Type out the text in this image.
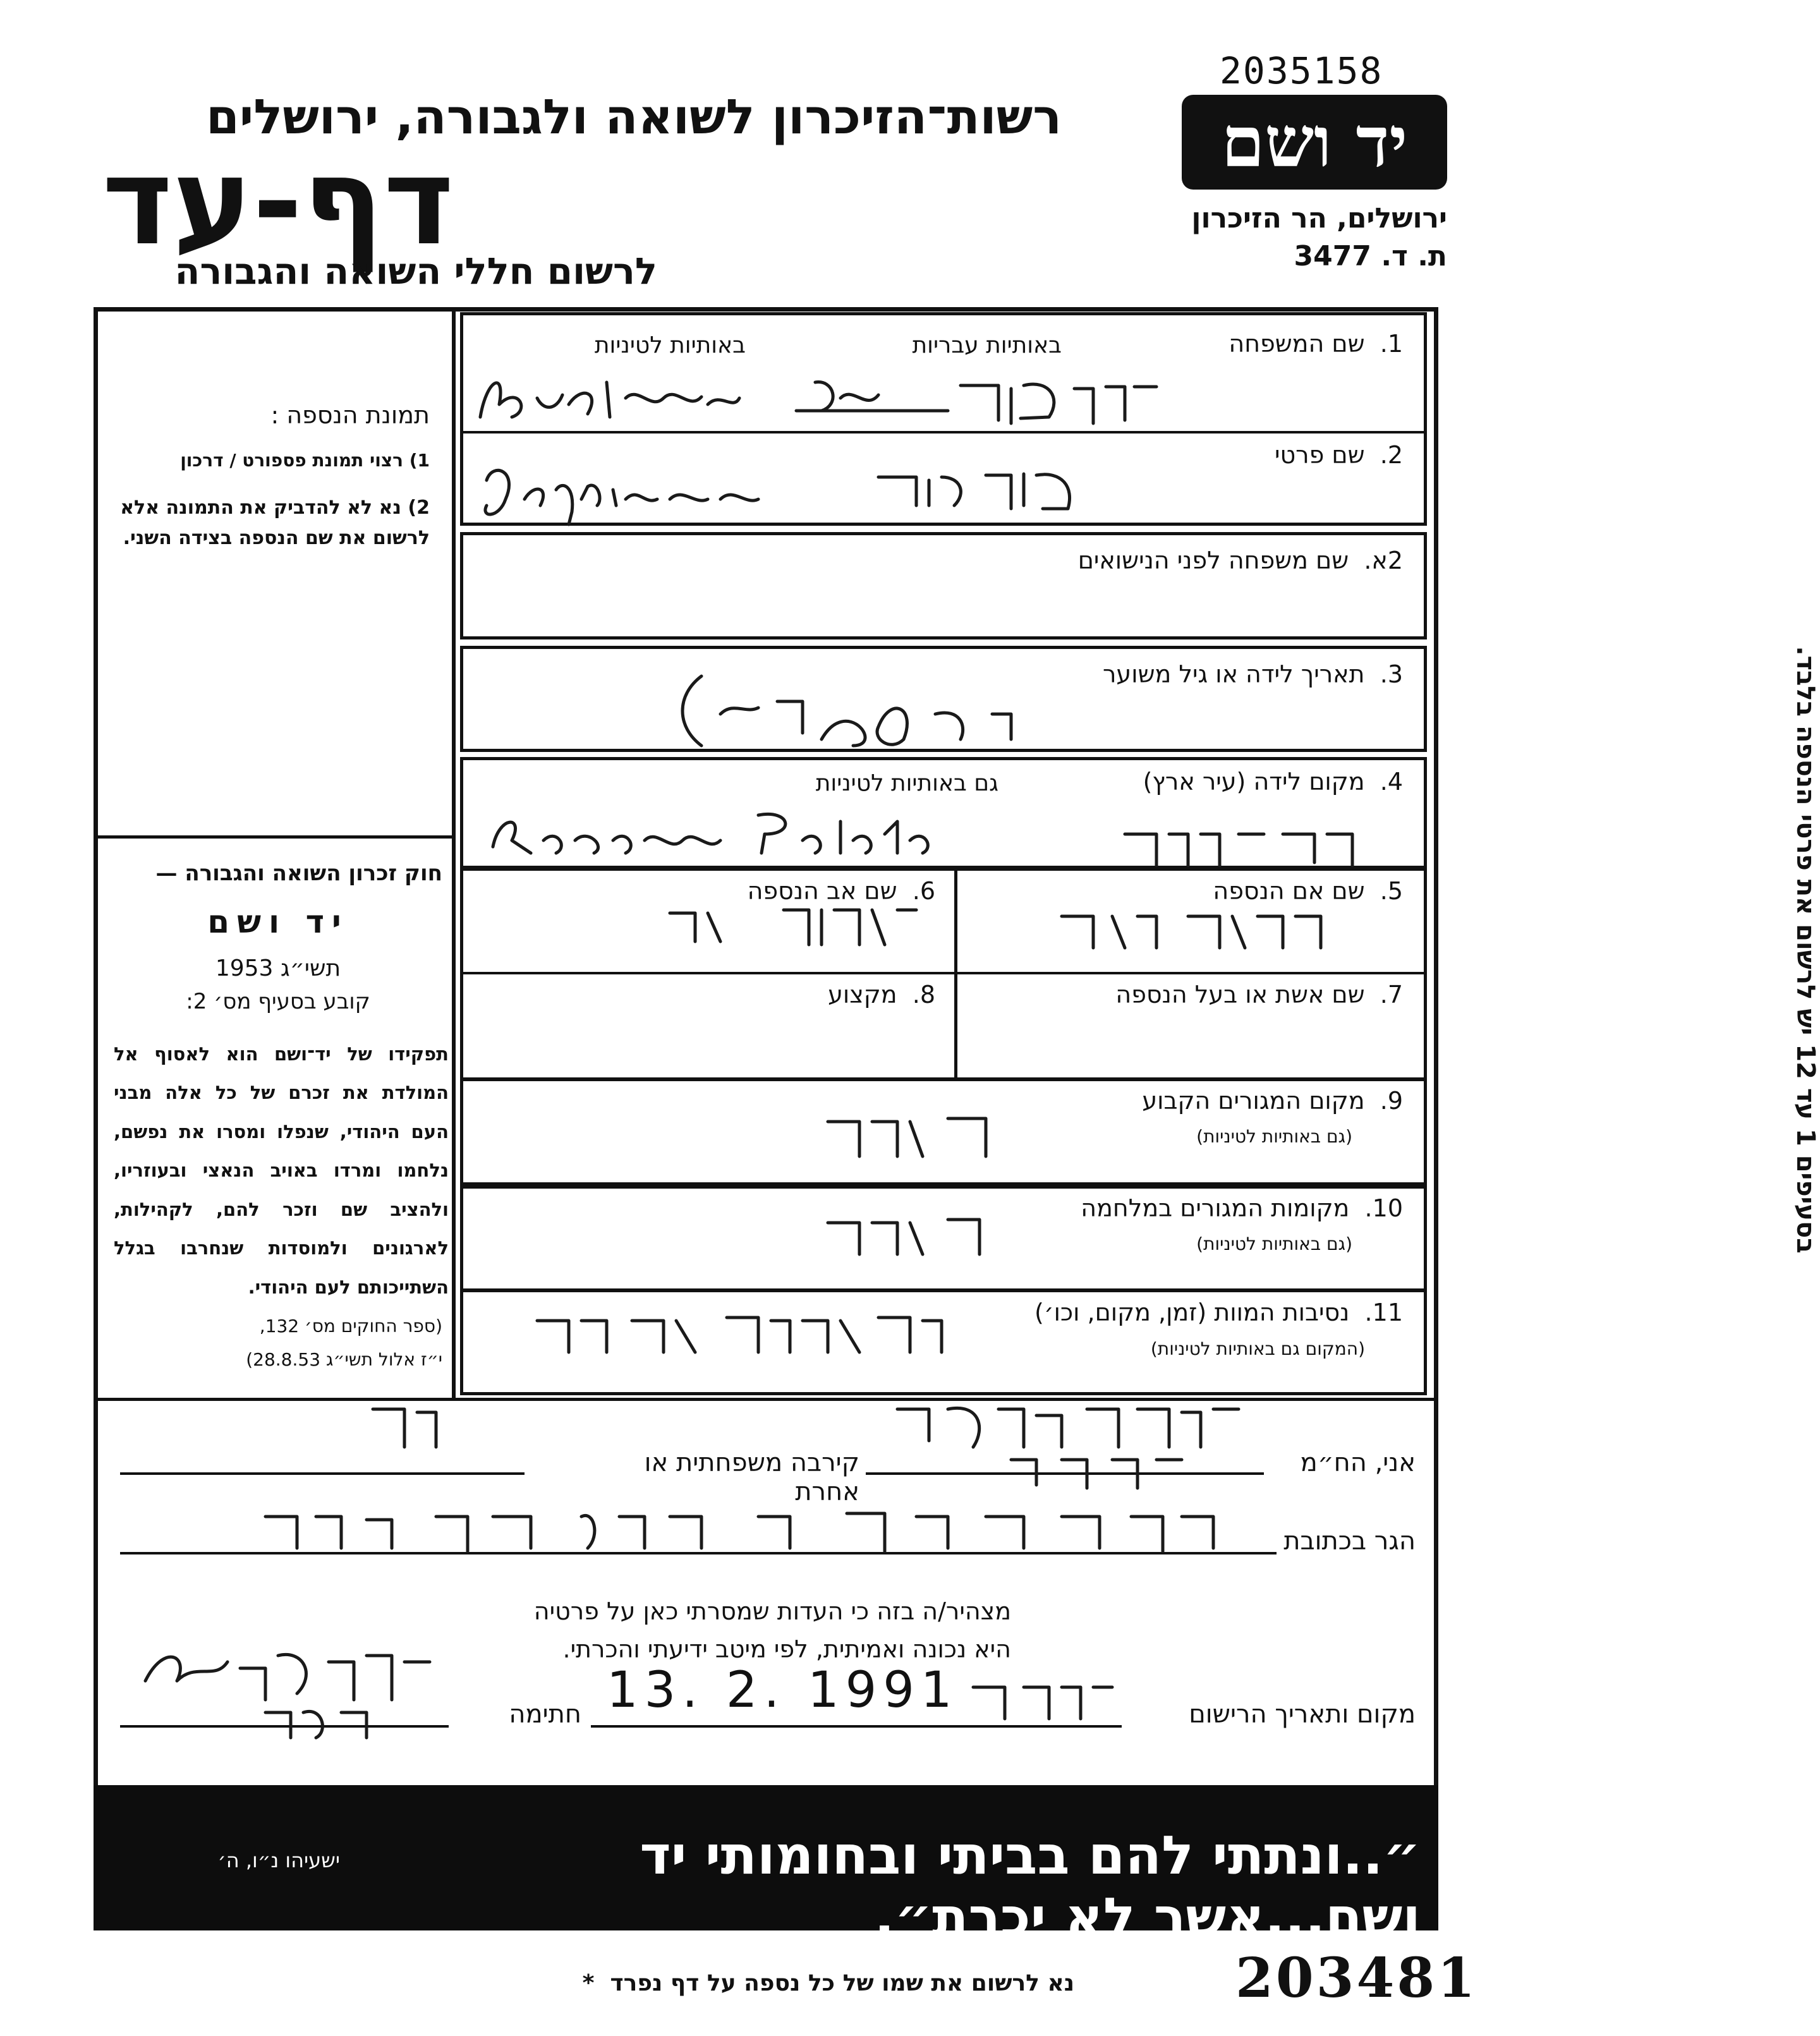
2035158
רשות־הזיכרון לשואה ולגבורה, ירושלים
דף-עד
לרשום חללי השואה והגבורה
יד ושם
ירושלים, הר הזיכרון
ת. ד. 3477
בסעיפים 1 עד 12 יש לרשום את פרטי הנספה בלבד.
תמונת הנספה :
1) רצוי תמונת פספורט / דרכון
2) נא לא להדביק את התמונה אלא לרשום את שם הנספה בצידה השני.
חוק זכרון השואה והגבורה —
יד ושם
תשי״ג 1953
קובע בסעיף מס׳ 2:
תפקידו של יד־ושם הוא לאסוף אל המולדת את זכרם של כל אלה מבני העם היהודי, שנפלו ומסרו את נפשם, נלחמו ומרדו באויב הנאצי ובעוזריו, ולהציב שם וזכר להם, לקהילות, לארגונים ולמוסדות שנחרבו בגלל השתייכותם לעם היהודי.
(ספר החוקים מס׳ 132,
י״ז אלול תשי״ג 28.8.53)
1.  שם המשפחה
באותיות עבריות
באותיות לטיניות
2.  שם פרטי
2א.  שם משפחה לפני הנישואים
3.  תאריך לידה או גיל משוער
4.  מקום לידה (עיר ארץ)
גם באותיות לטיניות
5.  שם אם הנספה
6.  שם אב הנספה
7.  שם אשת או בעל הנספה
8.  מקצוע
9.  מקום המגורים הקבוע
(גם באותיות לטיניות)
10.  מקומות המגורים במלחמה
(גם באותיות לטיניות)
11.  נסיבות המוות (זמן, מקום, וכו׳)
(המקום גם באותיות לטיניות)
אני, הח״מ
קירבה משפחתית או אחרת
הגר בכתובת
מצהיר/ה בזה כי העדות שמסרתי כאן על פרטיה
היא נכונה ואמיתית, לפי מיטב ידיעתי והכרתי.
מקום ותאריך הרישום
13. 2. 1991
חתימה
״..ונתתי להם בביתי ובחומותי יד ושם...אשר לא יכרת״.
ישעיהו נ״ו, ה׳
נא לרשום את שמו של כל נספה על דף נפרד  *	203481
